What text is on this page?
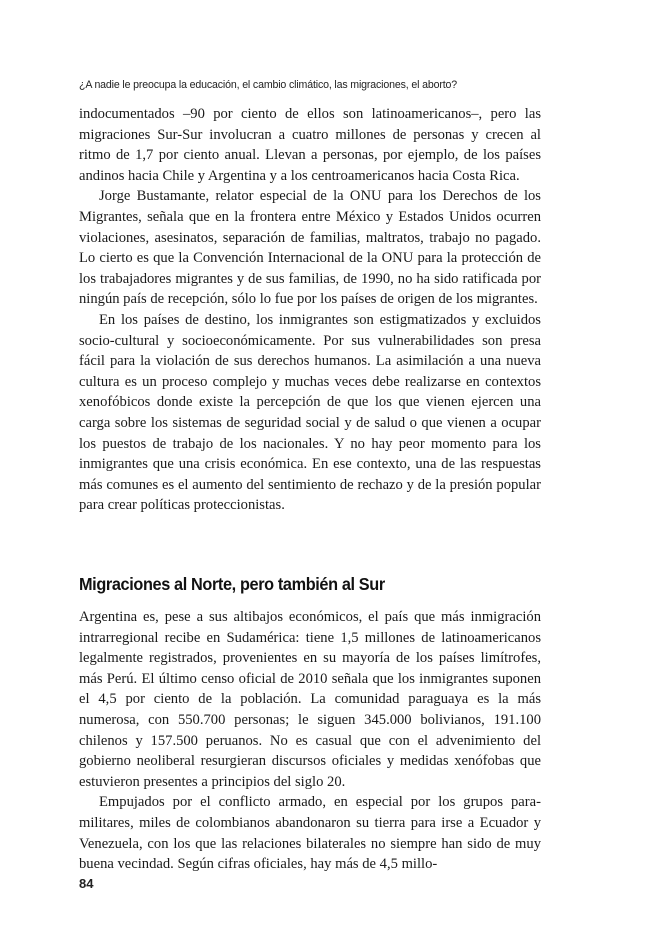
¿A nadie le preocupa la educación, el cambio climático, las migraciones, el aborto?

indocumentados –90 por ciento de ellos son latinoamericanos–, pero las migraciones Sur-Sur involucran a cuatro millones de personas y crecen al ritmo de 1,7 por ciento anual. Llevan a personas, por ejemplo, de los países andinos hacia Chile y Argentina y a los centroamericanos hacia Costa Rica.

Jorge Bustamante, relator especial de la ONU para los Derechos de los Migrantes, señala que en la frontera entre México y Estados Unidos ocurren violaciones, asesinatos, separación de familias, maltratos, trabajo no pagado. Lo cierto es que la Convención Internacional de la ONU para la protección de los trabajadores migrantes y de sus familias, de 1990, no ha sido ratificada por ningún país de recepción, sólo lo fue por los países de origen de los migrantes.

En los países de destino, los inmigrantes son estigmatizados y excluidos socio-cultural y socioeconómicamente. Por sus vulnerabilidades son presa fácil para la violación de sus derechos humanos. La asimilación a una nueva cultura es un proceso complejo y muchas veces debe realizarse en contextos xenofóbicos donde existe la percepción de que los que vienen ejercen una carga sobre los sistemas de seguridad social y de salud o que vienen a ocupar los puestos de trabajo de los nacionales. Y no hay peor momento para los inmigrantes que una crisis económica. En ese contexto, una de las respuestas más comunes es el aumento del sentimiento de rechazo y de la presión popular para crear políticas proteccionistas.

Migraciones al Norte, pero también al Sur

Argentina es, pese a sus altibajos económicos, el país que más inmigración intrarregional recibe en Sudamérica: tiene 1,5 millones de latinoamericanos legalmente registrados, provenientes en su mayoría de los países limítrofes, más Perú. El último censo oficial de 2010 señala que los inmigrantes suponen el 4,5 por ciento de la población. La comunidad paraguaya es la más numerosa, con 550.700 personas; le siguen 345.000 bolivianos, 191.100 chilenos y 157.500 peruanos. No es casual que con el advenimiento del gobierno neoliberal resurgieran discursos oficiales y medidas xenófobas que estuvieron presentes a principios del siglo 20.

Empujados por el conflicto armado, en especial por los grupos paramilitares, miles de colombianos abandonaron su tierra para irse a Ecuador y Venezuela, con los que las relaciones bilaterales no siempre han sido de muy buena vecindad. Según cifras oficiales, hay más de 4,5 millo-

84
